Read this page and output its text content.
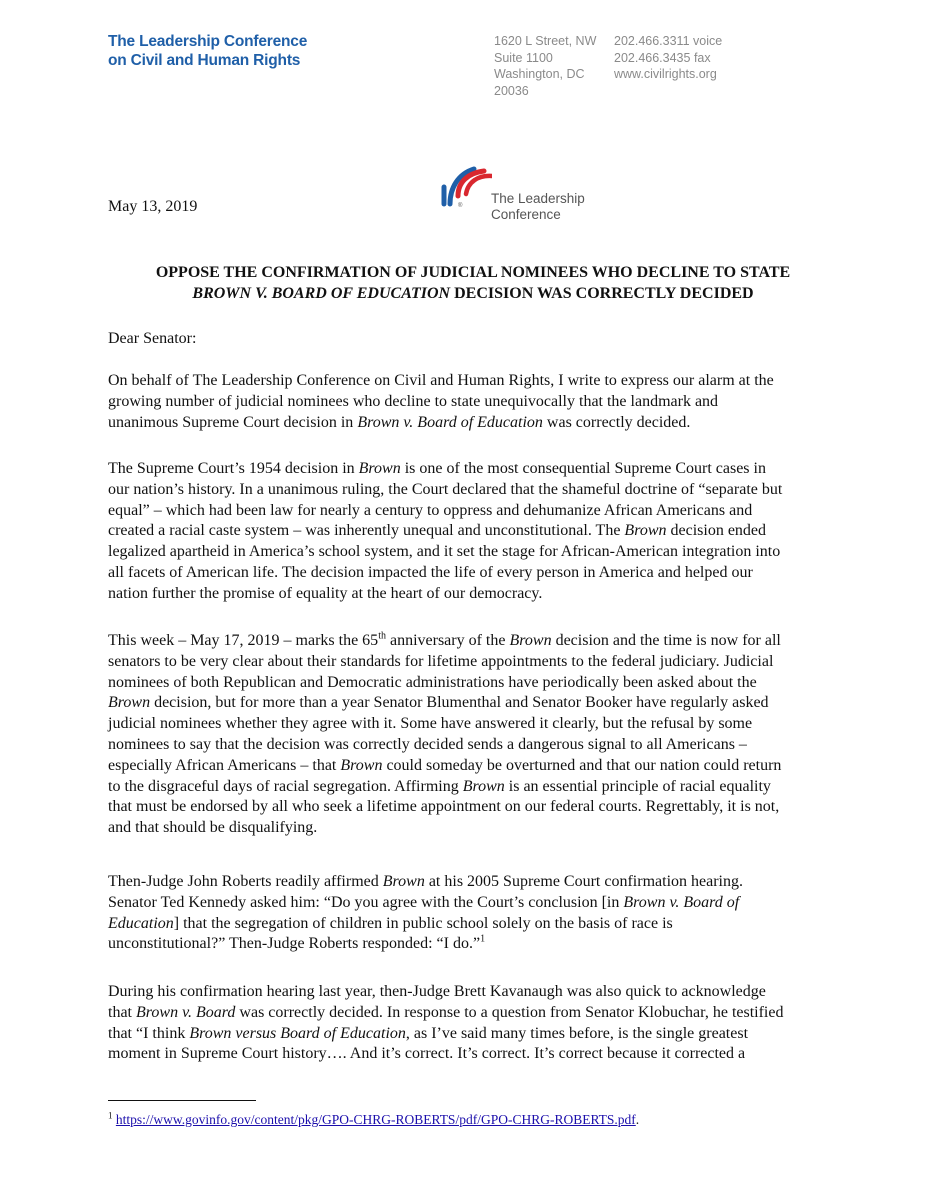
The Leadership Conference
on Civil and Human Rights
1620 L Street, NW
Suite 1100
Washington, DC
20036
202.466.3311 voice
202.466.3435 fax
www.civilrights.org
® The Leadership
Conference
May 13, 2019
OPPOSE THE CONFIRMATION OF JUDICIAL NOMINEES WHO DECLINE TO STATE
BROWN V. BOARD OF EDUCATION DECISION WAS CORRECTLY DECIDED
Dear Senator:
On behalf of The Leadership Conference on Civil and Human Rights, I write to express our alarm at the
growing number of judicial nominees who decline to state unequivocally that the landmark and
unanimous Supreme Court decision in Brown v. Board of Education was correctly decided.
The Supreme Court’s 1954 decision in Brown is one of the most consequential Supreme Court cases in
our nation’s history. In a unanimous ruling, the Court declared that the shameful doctrine of “separate but
equal” – which had been law for nearly a century to oppress and dehumanize African Americans and
created a racial caste system – was inherently unequal and unconstitutional. The Brown decision ended
legalized apartheid in America’s school system, and it set the stage for African-American integration into
all facets of American life. The decision impacted the life of every person in America and helped our
nation further the promise of equality at the heart of our democracy.
This week – May 17, 2019 – marks the 65th anniversary of the Brown decision and the time is now for all
senators to be very clear about their standards for lifetime appointments to the federal judiciary. Judicial
nominees of both Republican and Democratic administrations have periodically been asked about the
Brown decision, but for more than a year Senator Blumenthal and Senator Booker have regularly asked
judicial nominees whether they agree with it. Some have answered it clearly, but the refusal by some
nominees to say that the decision was correctly decided sends a dangerous signal to all Americans –
especially African Americans – that Brown could someday be overturned and that our nation could return
to the disgraceful days of racial segregation. Affirming Brown is an essential principle of racial equality
that must be endorsed by all who seek a lifetime appointment on our federal courts. Regrettably, it is not,
and that should be disqualifying.
Then-Judge John Roberts readily affirmed Brown at his 2005 Supreme Court confirmation hearing.
Senator Ted Kennedy asked him: “Do you agree with the Court’s conclusion [in Brown v. Board of
Education] that the segregation of children in public school solely on the basis of race is
unconstitutional?” Then-Judge Roberts responded: “I do.”$^1$
During his confirmation hearing last year, then-Judge Brett Kavanaugh was also quick to acknowledge
that Brown v. Board was correctly decided. In response to a question from Senator Klobuchar, he testified
that “I think Brown versus Board of Education, as I’ve said many times before, is the single greatest
moment in Supreme Court history…. And it’s correct. It’s correct. It’s correct because it corrected a
$^1$ https://www.govinfo.gov/content/pkg/GPO-CHRG-ROBERTS/pdf/GPO-CHRG-ROBERTS.pdf.
